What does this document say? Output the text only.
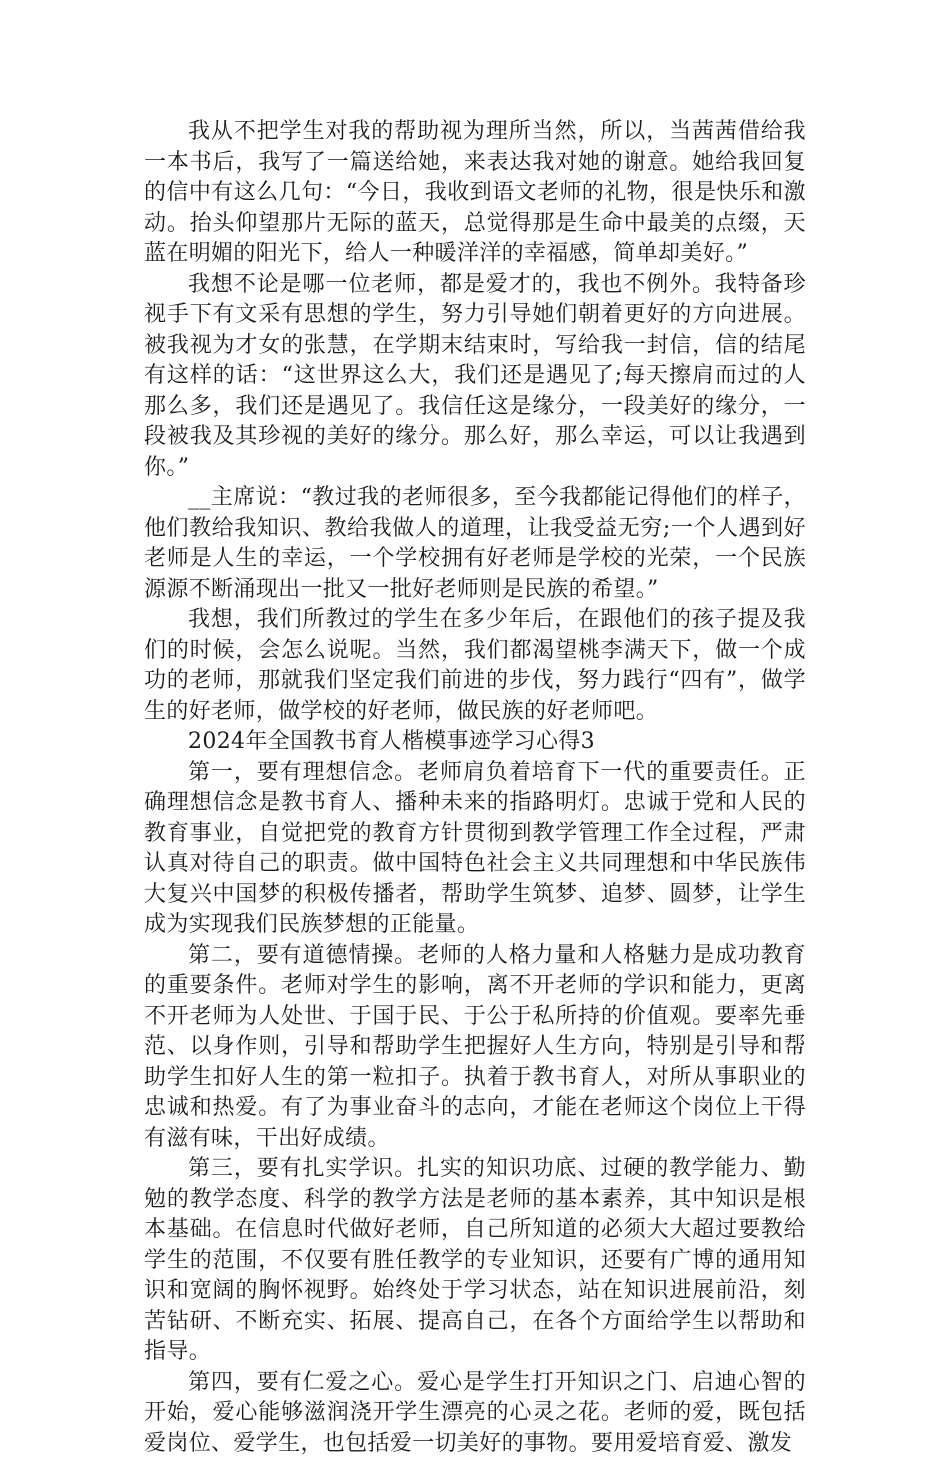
我从不把学生对我的帮助视为理所当然，所以，当茜茜借给我一本书后，我写了一篇送给她，来表达我对她的谢意。她给我回复的信中有这么几句：“今日，我收到语文老师的礼物，很是快乐和激动。抬头仰望那片无际的蓝天，总觉得那是生命中最美的点缀，天蓝在明媚的阳光下，给人一种暖洋洋的幸福感，简单却美好。”

我想不论是哪一位老师，都是爱才的，我也不例外。我特备珍视手下有文采有思想的学生，努力引导她们朝着更好的方向进展。被我视为才女的张慧，在学期末结束时，写给我一封信，信的结尾有这样的话：“这世界这么大，我们还是遇见了;每天擦肩而过的人那么多，我们还是遇见了。我信任这是缘分，一段美好的缘分，一段被我及其珍视的美好的缘分。那么好，那么幸运，可以让我遇到你。”

__主席说：“教过我的老师很多，至今我都能记得他们的样子，他们教给我知识、教给我做人的道理，让我受益无穷;一个人遇到好老师是人生的幸运，一个学校拥有好老师是学校的光荣，一个民族源源不断涌现出一批又一批好老师则是民族的希望。”

我想，我们所教过的学生在多少年后，在跟他们的孩子提及我们的时候，会怎么说呢。当然，我们都渴望桃李满天下，做一个成功的老师，那就我们坚定我们前进的步伐，努力践行“四有”，做学生的好老师，做学校的好老师，做民族的好老师吧。

2024年全国教书育人楷模事迹学习心得3

第一，要有理想信念。老师肩负着培育下一代的重要责任。正确理想信念是教书育人、播种未来的指路明灯。忠诚于党和人民的教育事业，自觉把党的教育方针贯彻到教学管理工作全过程，严肃认真对待自己的职责。做中国特色社会主义共同理想和中华民族伟大复兴中国梦的积极传播者，帮助学生筑梦、追梦、圆梦，让学生成为实现我们民族梦想的正能量。

第二，要有道德情操。老师的人格力量和人格魅力是成功教育的重要条件。老师对学生的影响，离不开老师的学识和能力，更离不开老师为人处世、于国于民、于公于私所持的价值观。要率先垂范、以身作则，引导和帮助学生把握好人生方向，特别是引导和帮助学生扣好人生的第一粒扣子。执着于教书育人，对所从事职业的忠诚和热爱。有了为事业奋斗的志向，才能在老师这个岗位上干得有滋有味，干出好成绩。

第三，要有扎实学识。扎实的知识功底、过硬的教学能力、勤勉的教学态度、科学的教学方法是老师的基本素养，其中知识是根本基础。在信息时代做好老师，自己所知道的必须大大超过要教给学生的范围，不仅要有胜任教学的专业知识，还要有广博的通用知识和宽阔的胸怀视野。始终处于学习状态，站在知识进展前沿，刻苦钻研、不断充实、拓展、提高自己，在各个方面给学生以帮助和指导。

第四，要有仁爱之心。爱心是学生打开知识之门、启迪心智的开始，爱心能够滋润浇开学生漂亮的心灵之花。老师的爱，既包括爱岗位、爱学生，也包括爱一切美好的事物。要用爱培育爱、激发
